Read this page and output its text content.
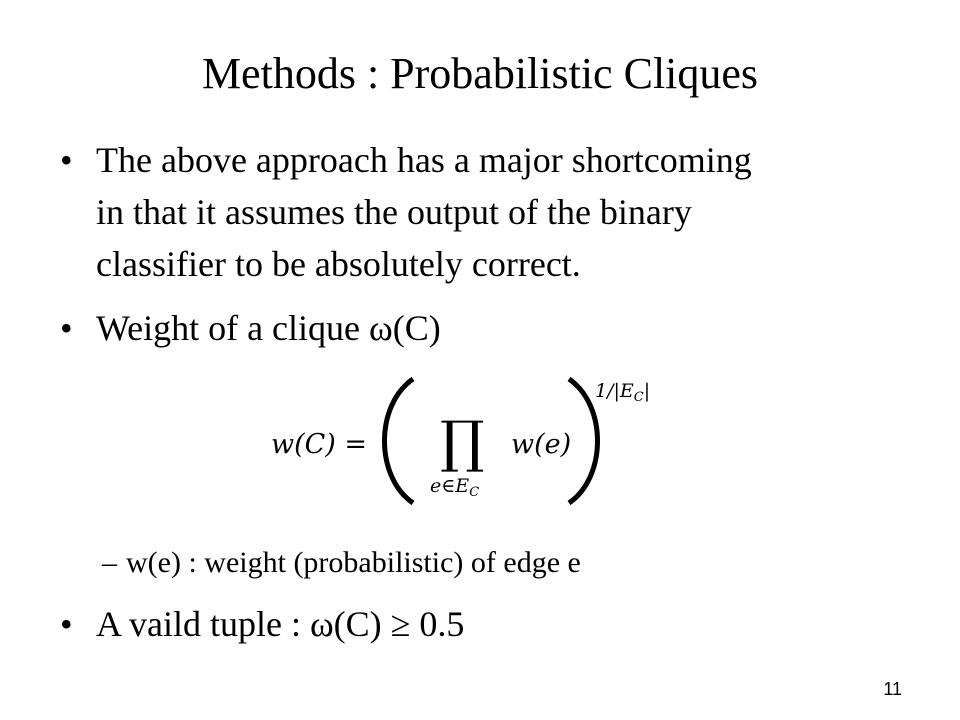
Methods : Probabilistic Cliques
• The above approach has a major shortcoming
in that it assumes the output of the binary
classifier to be absolutely correct.
• Weight of a clique ω(C)
w(C) = ∏
$e\in E_C$
w(e)
$1/|E_C|$
– w(e) : weight (probabilistic) of edge e
• A vaild tuple : ω(C) ≥ 0.5
11
